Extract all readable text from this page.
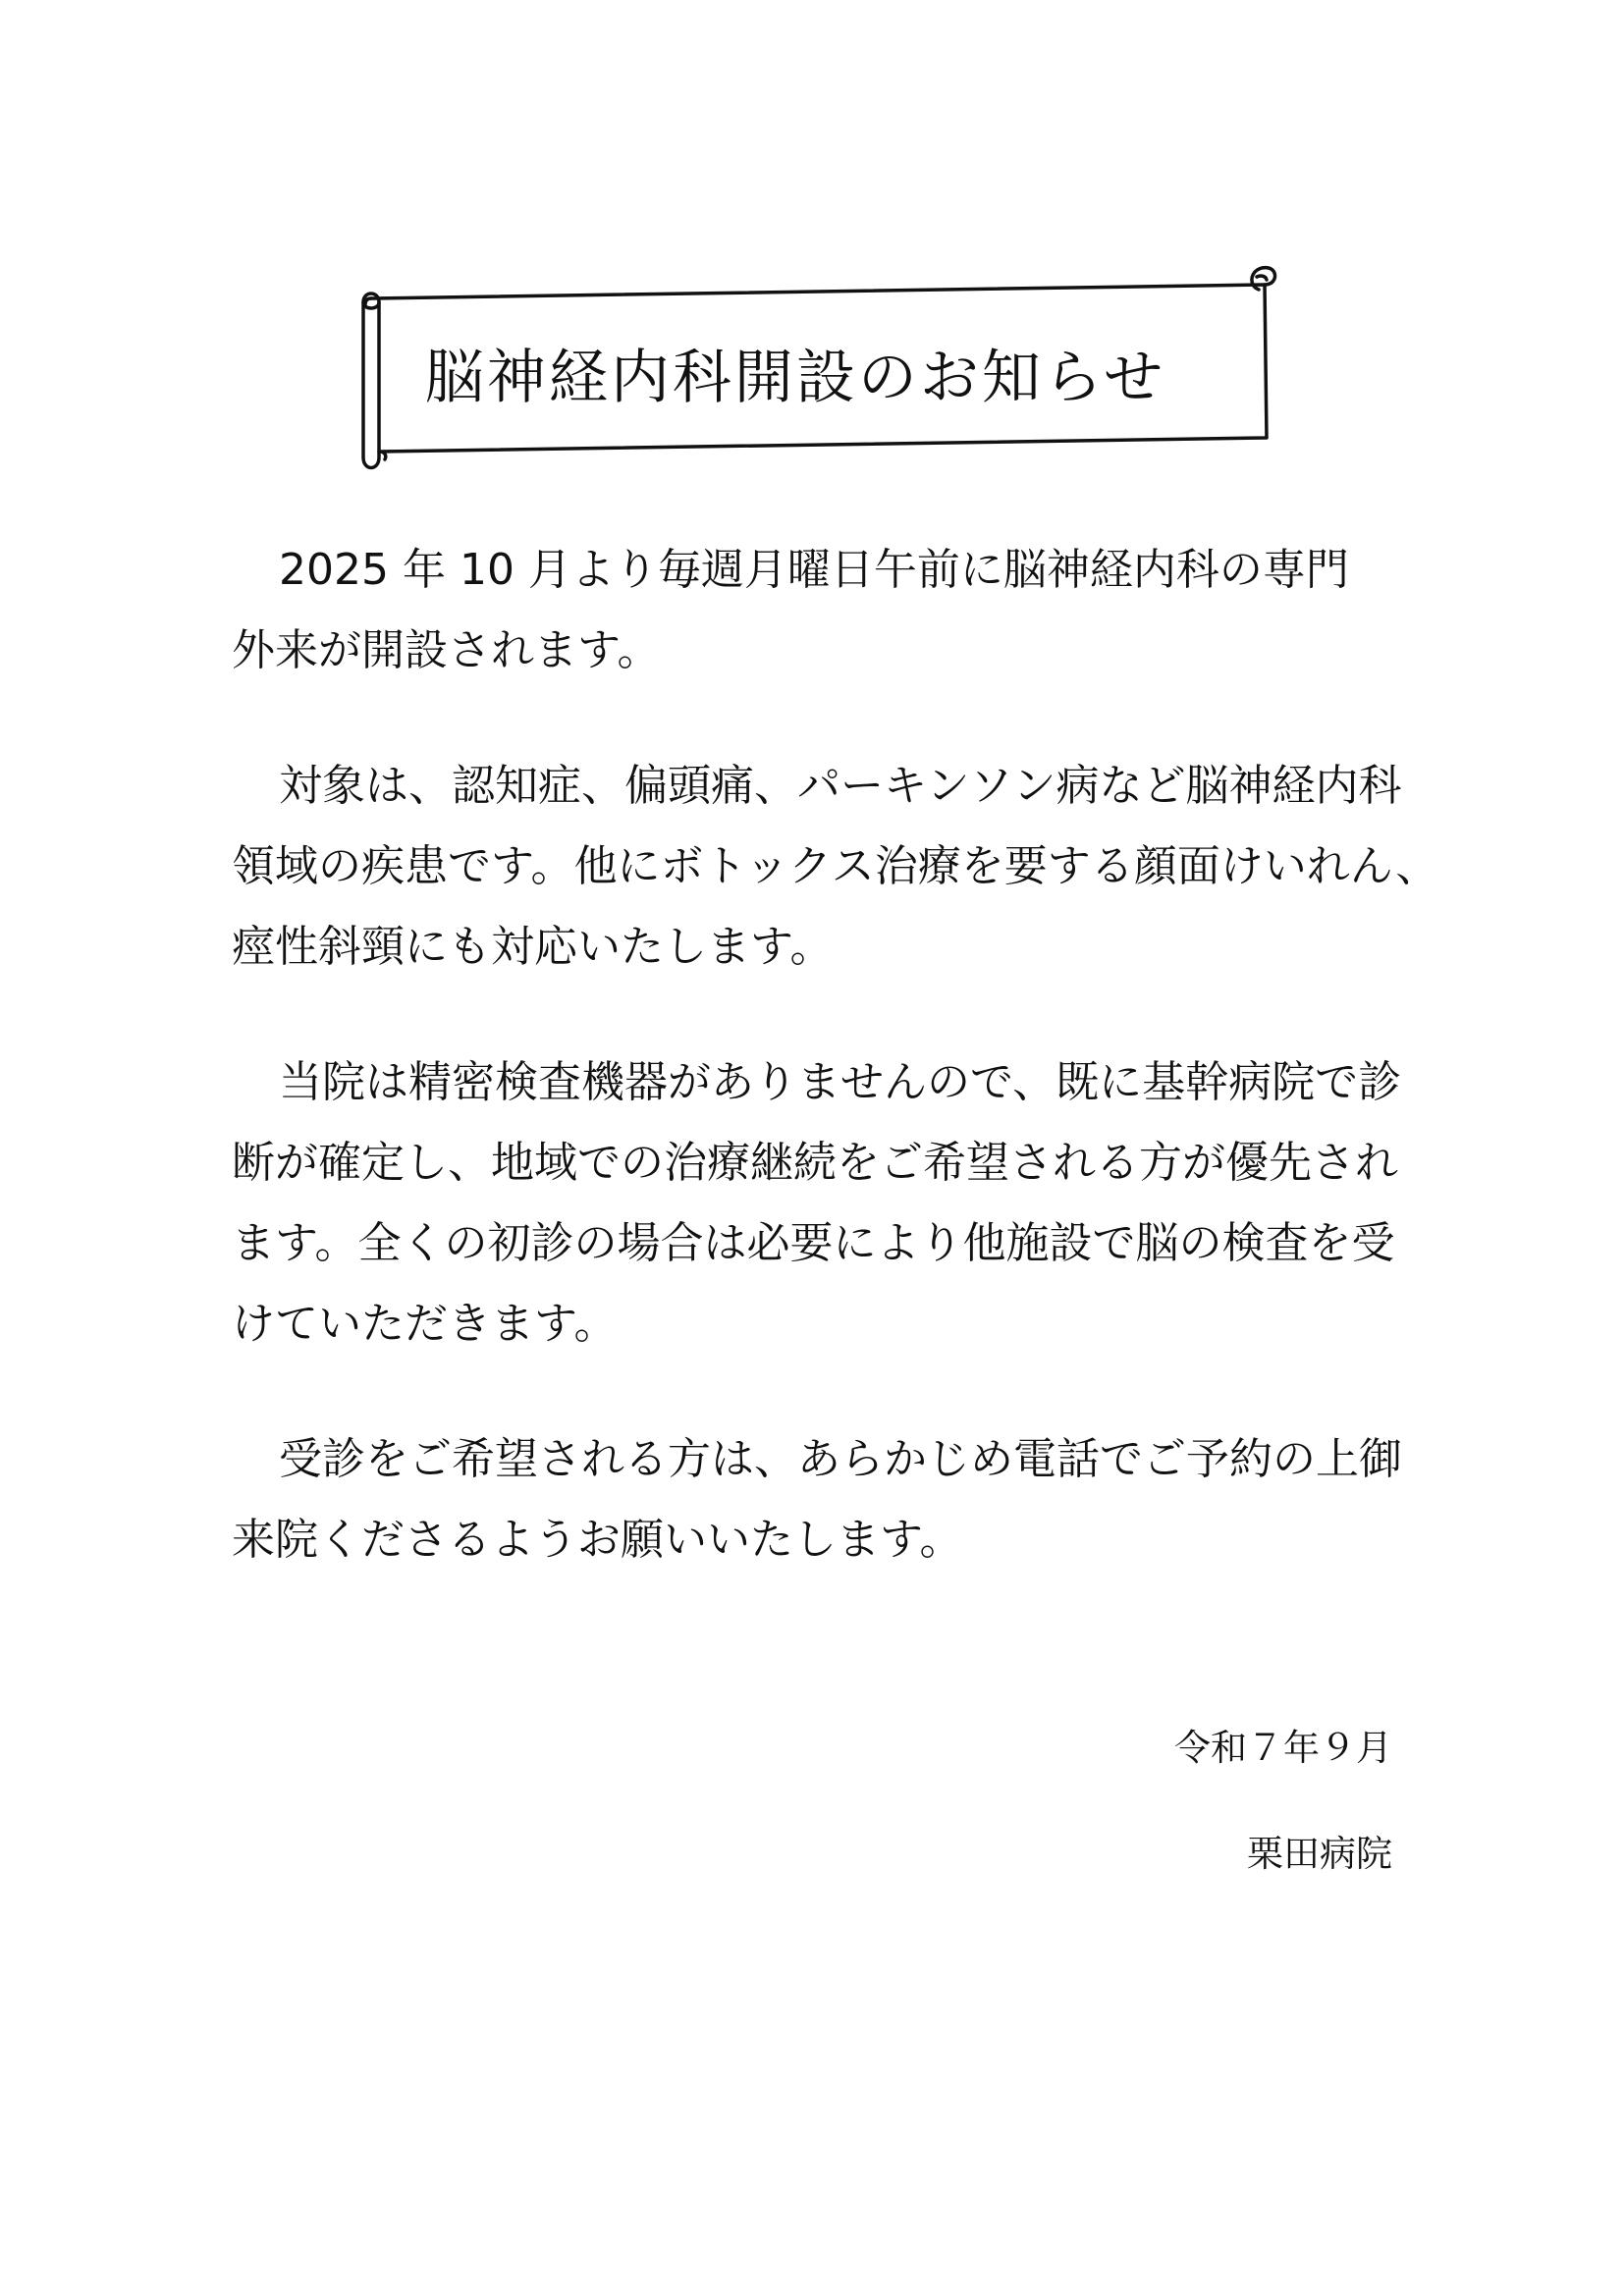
脳神経内科開設のお知らせ

2025 年 10 月より毎週月曜日午前に脳神経内科の専門
外来が開設されます。

対象は、認知症、偏頭痛、パーキンソン病など脳神経内科
領域の疾患です。他にボトックス治療を要する顔面けいれん、
痙性斜頸にも対応いたします。

当院は精密検査機器がありませんので、既に基幹病院で診
断が確定し、地域での治療継続をご希望される方が優先され
ます。全くの初診の場合は必要により他施設で脳の検査を受
けていただきます。

受診をご希望される方は、あらかじめ電話でご予約の上御
来院くださるようお願いいたします。

令和７年９月
栗田病院
